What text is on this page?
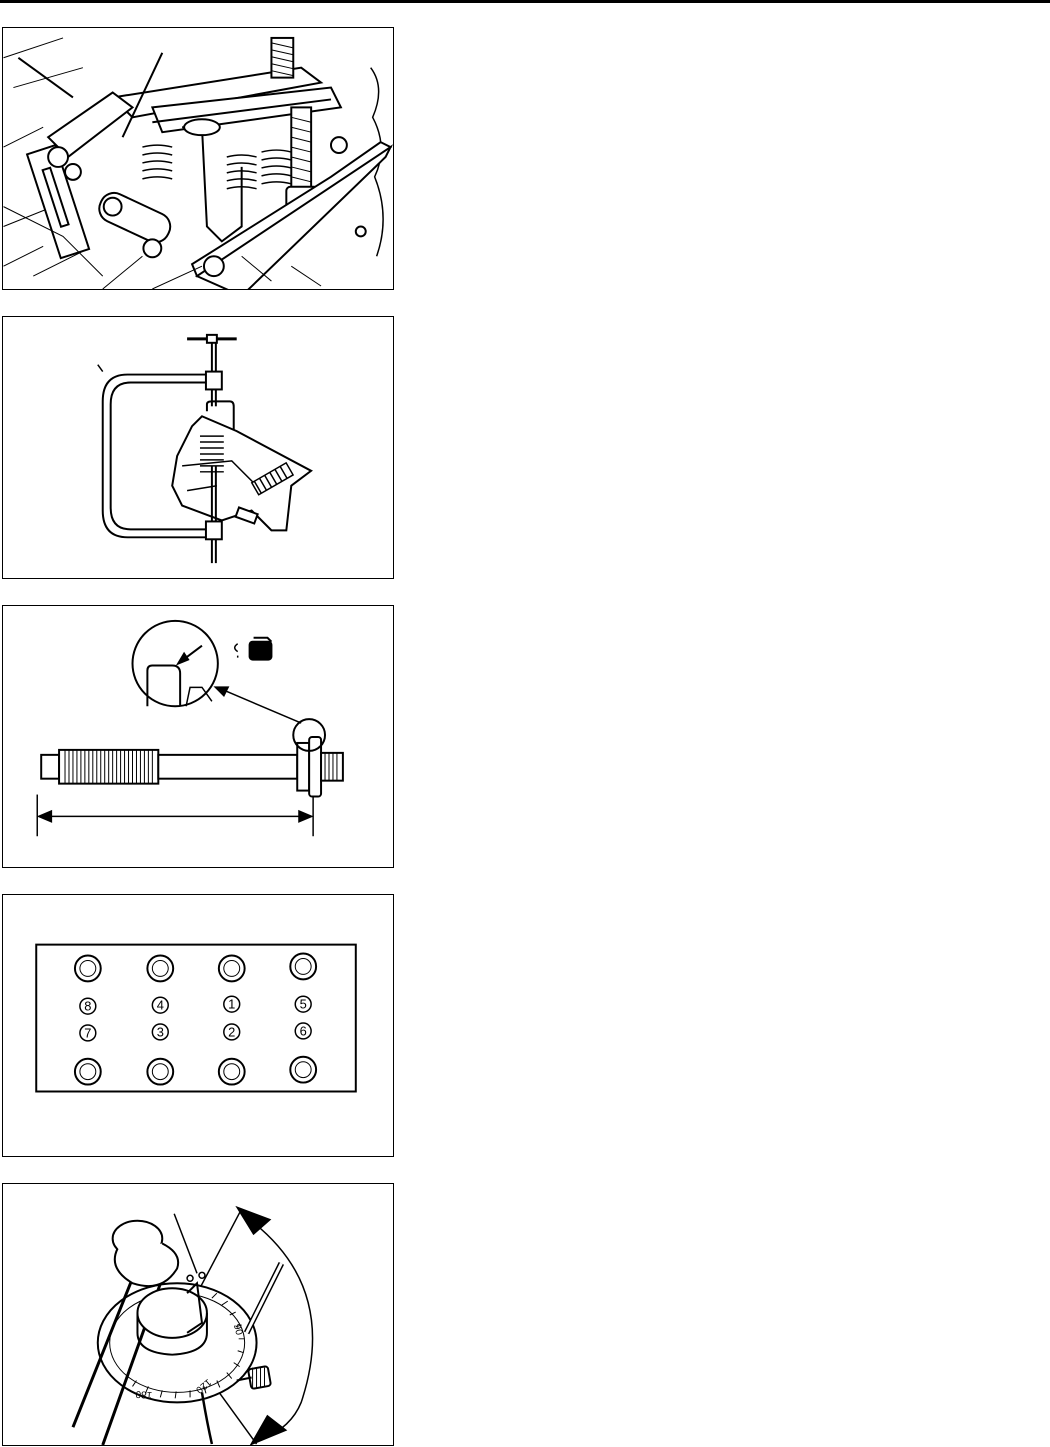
8	4	1	5
7	3	2	6
90
120
180
